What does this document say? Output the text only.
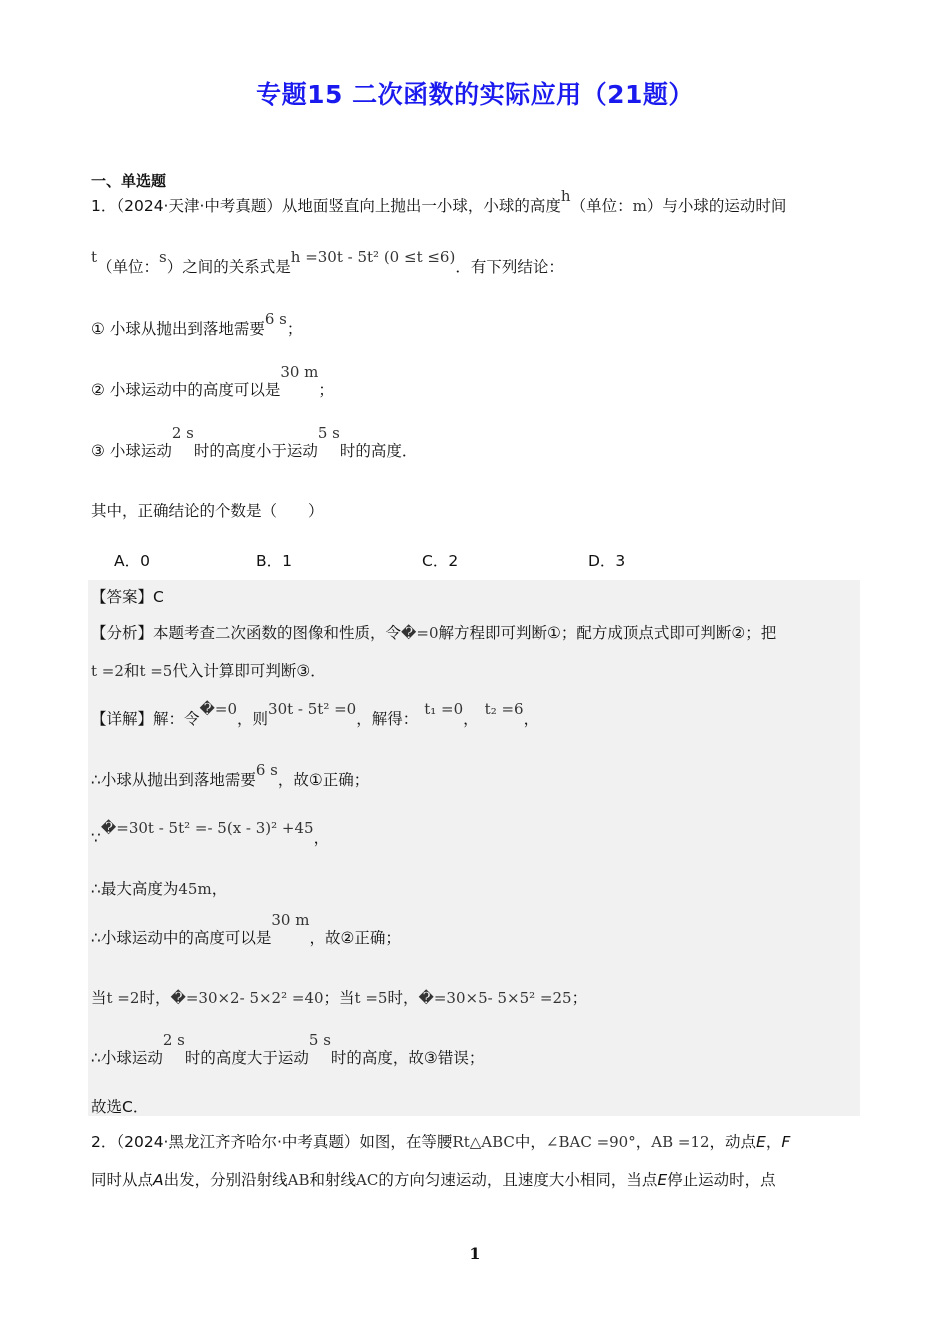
专题15 二次函数的实际应用（21题）
一、单选题
1．（2024·天津·中考真题）从地面竖直向上抛出一小球，小球的高度h（单位：m）与小球的运动时间
t（单位：s）之间的关系式是h =30t - 5t² (0 ≤t ≤6)．有下列结论：
① 小球从抛出到落地需要6 s；
② 小球运动中的高度可以是30 m；
③ 小球运动2 s时的高度小于运动5 s时的高度．
其中，正确结论的个数是（　　）
A．0	B．1	C．2	D．3
【答案】C
【分析】本题考查二次函数的图像和性质，令�=0解方程即可判断①；配方成顶点式即可判断②；把
t =2和t =5代入计算即可判断③．
【详解】解：令�=0，则30t - 5t² =0，解得：t₁ =0，t₂ =6，
∴小球从抛出到落地需要6 s，故①正确；
∵�=30t - 5t² =- 5(x - 3)² +45，
∴最大高度为45m，
∴小球运动中的高度可以是30 m，故②正确；
当t =2时，�=30×2- 5×2² =40；当t =5时，�=30×5- 5×5² =25；
∴小球运动2 s时的高度大于运动5 s时的高度，故③错误；
故选C．
2．（2024·黑龙江齐齐哈尔·中考真题）如图，在等腰Rt△ABC中，∠BAC =90°，AB =12，动点E，F
同时从点A出发，分别沿射线AB和射线AC的方向匀速运动，且速度大小相同，当点E停止运动时，点
1
